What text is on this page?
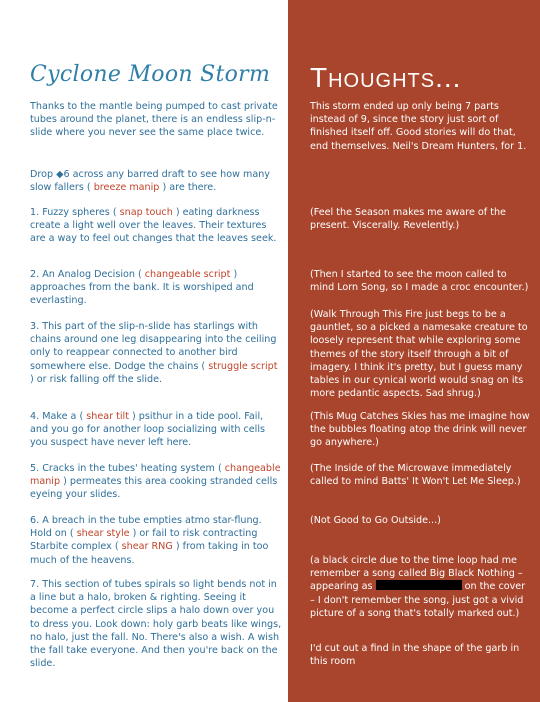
Cyclone Moon Storm	Thoughts...
Thanks to the mantle being pumped to cast private tubes around the planet, there is an endless slip-n-slide where you never see the same place twice.
Drop ◆6 across any barred draft to see how many slow fallers ( breeze manip ) are there.
1. Fuzzy spheres ( snap touch ) eating darkness create a light well over the leaves. Their textures are a way to feel out changes that the leaves seek.
2. An Analog Decision ( changeable script ) approaches from the bank. It is worshiped and everlasting.
3. This part of the slip-n-slide has starlings with chains around one leg disappearing into the ceiling only to reappear connected to another bird somewhere else. Dodge the chains ( struggle script ) or risk falling off the slide.
4. Make a ( shear tilt ) psithur in a tide pool. Fail, and you go for another loop socializing with cells you suspect have never left here.
5. Cracks in the tubes' heating system ( changeable manip ) permeates this area cooking stranded cells eyeing your slides.
6. A breach in the tube empties atmo star-flung. Hold on ( shear style ) or fail to risk contracting Starbite complex ( shear RNG ) from taking in too much of the heavens.
7. This section of tubes spirals so light bends not in a line but a halo, broken & righting. Seeing it become a perfect circle slips a halo down over you to dress you. Look down: holy garb beats like wings, no halo, just the fall. No. There's also a wish. A wish the fall take everyone. And then you're back on the slide.
This storm ended up only being 7 parts instead of 9, since the story just sort of finished itself off. Good stories will do that, end themselves. Neil's Dream Hunters, for 1.
(Feel the Season makes me aware of the present. Viscerally. Revelently.)
(Then I started to see the moon called to mind Lorn Song, so I made a croc encounter.)
(Walk Through This Fire just begs to be a gauntlet, so a picked a namesake creature to loosely represent that while exploring some themes of the story itself through a bit of imagery. I think it's pretty, but I guess many tables in our cynical world would snag on its more pedantic aspects. Sad shrug.)
(This Mug Catches Skies has me imagine how the bubbles floating atop the drink will never go anywhere.)
(The Inside of the Microwave immediately called to mind Batts' It Won't Let Me Sleep.)
(Not Good to Go Outside...)
(a black circle due to the time loop had me remember a song called Big Black Nothing – appearing as	on the cover – I don't remember the song, just got a vivid picture of a song that's totally marked out.)
I'd cut out a find in the shape of the garb in this room
